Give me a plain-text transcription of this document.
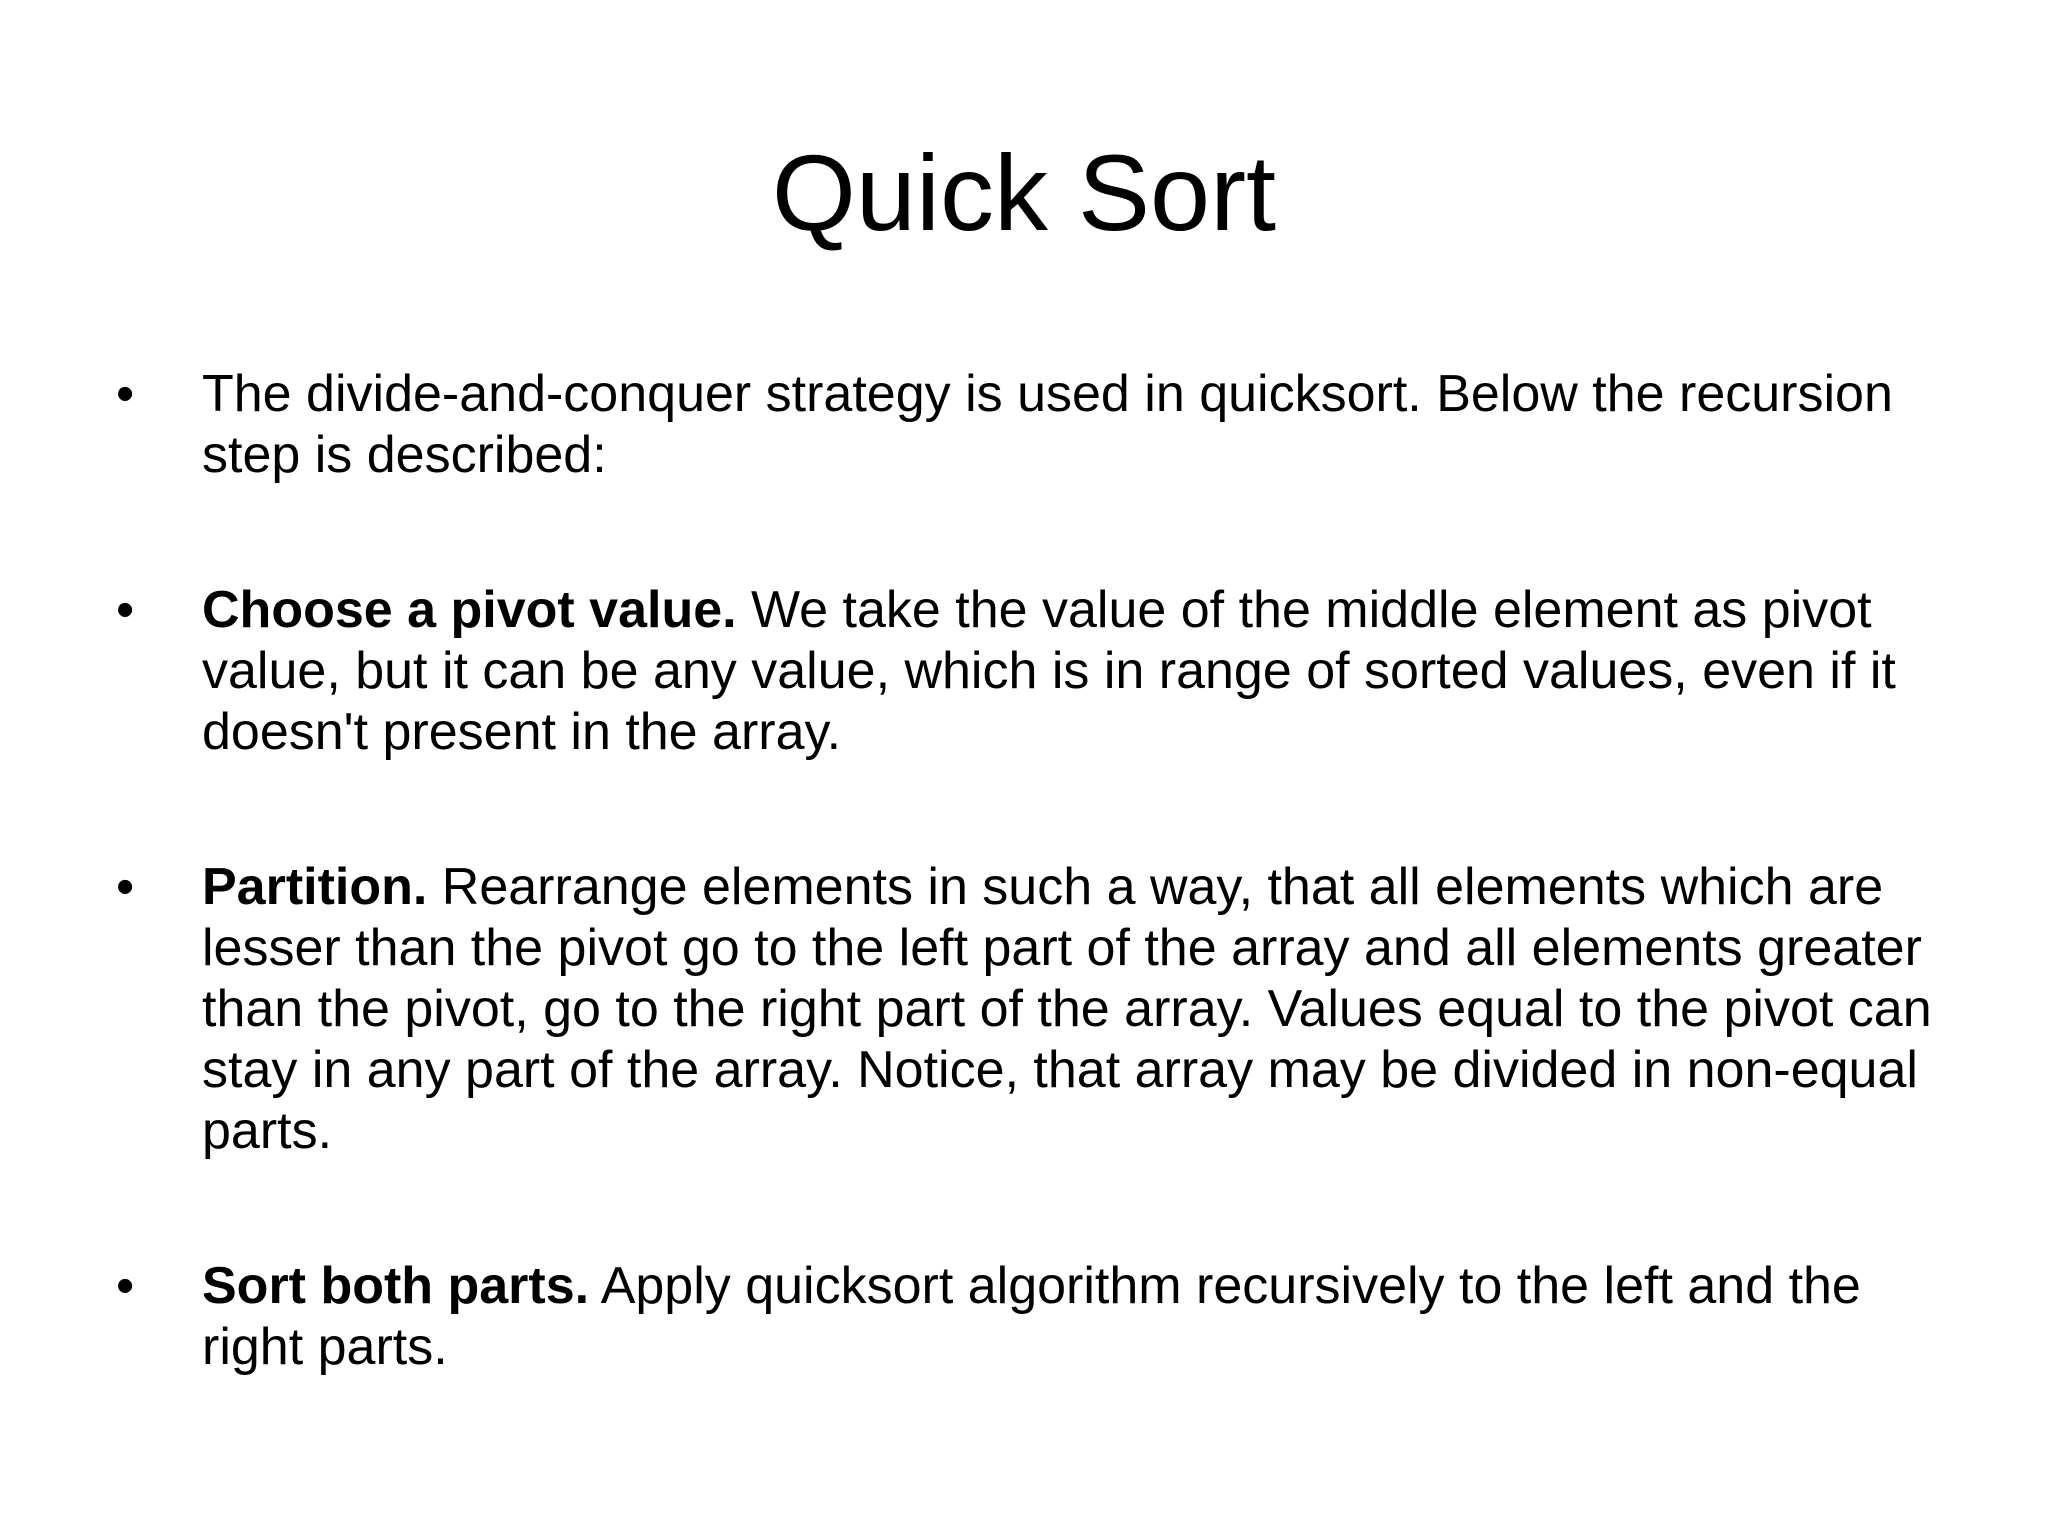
Quick Sort
•	The divide-and-conquer strategy is used in quicksort. Below the recursion step is described:
•	Choose a pivot value. We take the value of the middle element as pivot value, but it can be any value, which is in range of sorted values, even if it doesn't present in the array.
•	Partition. Rearrange elements in such a way, that all elements which are lesser than the pivot go to the left part of the array and all elements greater than the pivot, go to the right part of the array. Values equal to the pivot can stay in any part of the array. Notice, that array may be divided in non-equal parts.
•	Sort both parts. Apply quicksort algorithm recursively to the left and the right parts.
